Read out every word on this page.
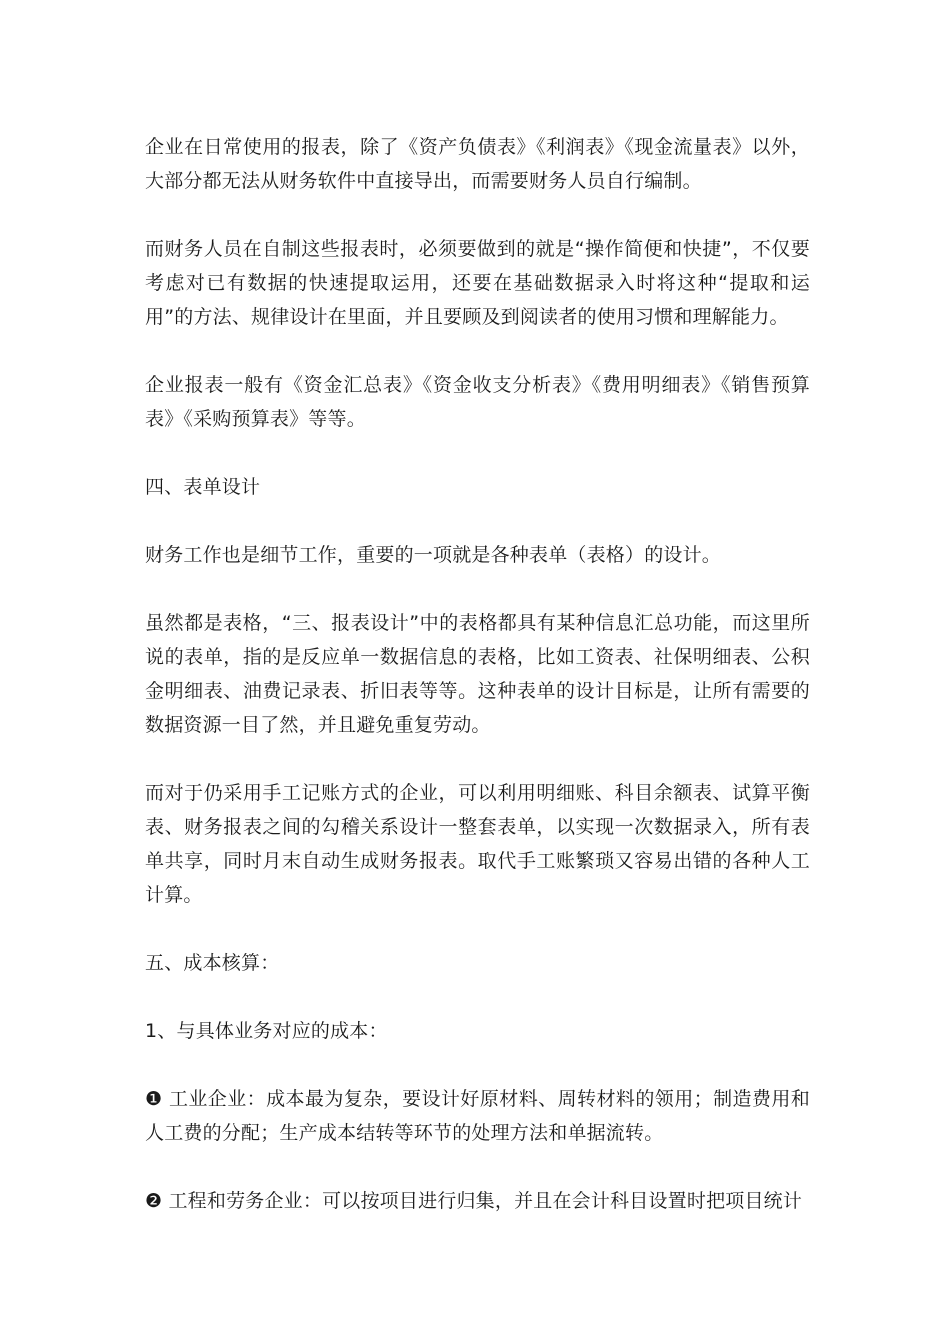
企业在日常使用的报表，除了《资产负债表》《利润表》《现金流量表》以外，大部分都无法从财务软件中直接导出，而需要财务人员自行编制。

而财务人员在自制这些报表时，必须要做到的就是“操作简便和快捷”，不仅要考虑对已有数据的快速提取运用，还要在基础数据录入时将这种“提取和运用”的方法、规律设计在里面，并且要顾及到阅读者的使用习惯和理解能力。

企业报表一般有《资金汇总表》《资金收支分析表》《费用明细表》《销售预算表》《采购预算表》等等。

四、表单设计

财务工作也是细节工作，重要的一项就是各种表单（表格）的设计。

虽然都是表格，“三、报表设计”中的表格都具有某种信息汇总功能，而这里所说的表单，指的是反应单一数据信息的表格，比如工资表、社保明细表、公积金明细表、油费记录表、折旧表等等。这种表单的设计目标是，让所有需要的数据资源一目了然，并且避免重复劳动。

而对于仍采用手工记账方式的企业，可以利用明细账、科目余额表、试算平衡表、财务报表之间的勾稽关系设计一整套表单，以实现一次数据录入，所有表单共享，同时月末自动生成财务报表。取代手工账繁琐又容易出错的各种人工计算。

五、成本核算：

1、与具体业务对应的成本：

❶ 工业企业：成本最为复杂，要设计好原材料、周转材料的领用；制造费用和人工费的分配；生产成本结转等环节的处理方法和单据流转。

❷ 工程和劳务企业：可以按项目进行归集，并且在会计科目设置时把项目统计
